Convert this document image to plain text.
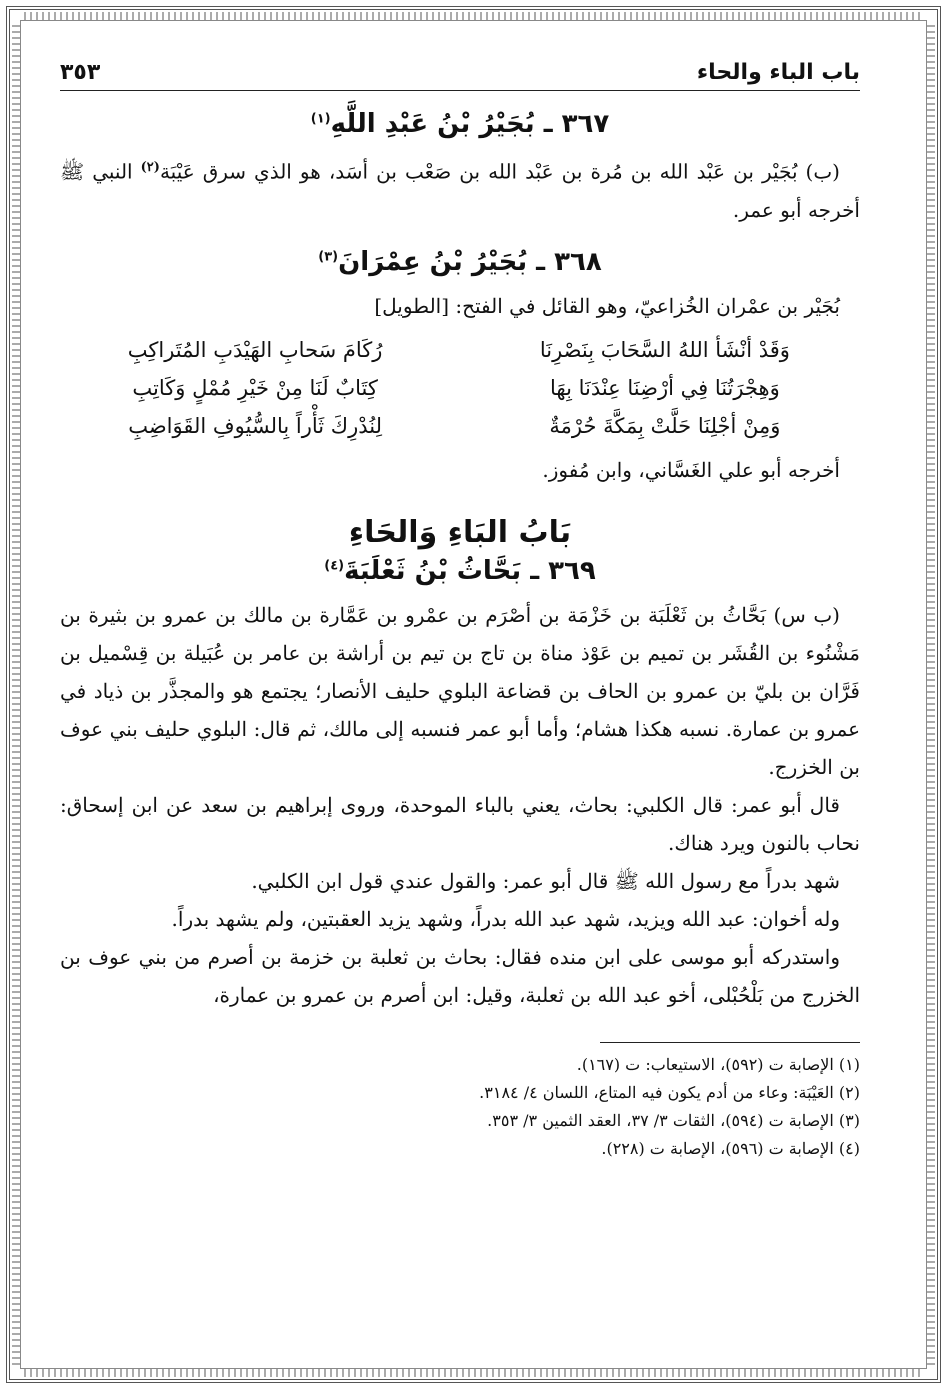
باب الباء والحاء
٣٥٣
٣٦٧ ـ بُجَيْرُ بْنُ عَبْدِ اللَّهِ$^{(١)}$

(ب) بُجَيْر بن عَبْد الله بن مُرة بن عَبْد الله بن صَعْب بن أسَد، هو الذي سرق عَيْبَة$^{(٢)}$ النبي ﷺ أخرجه أبو عمر.

٣٦٨ ـ بُجَيْرُ بْنُ عِمْرَانَ$^{(٣)}$

بُجَيْر بن عمْران الخُزاعيّ، وهو القائل في الفتح: [الطويل]

وَقَدْ أنْشَأ اللهُ السَّحَابَ بِنَصْرِنَا
رُكَامَ سَحابِ الهَيْدَبِ المُتَراكِبِ
وَهِجْرَتُنَا فِي أرْضِنَا عِنْدَنَا بِهَا
كِتَابٌ لَنَا مِنْ خَيْرِ مُمْلٍ وَكَاتِبِ
وَمِنْ أجْلِنَا حَلَّتْ بِمَكَّةَ حُرْمَةٌ
لِنُدْرِكَ ثَأْراً بِالسُّيُوفِ القَوَاضِبِ

أخرجه أبو علي الغَسَّاني، وابن مُفوز.

بَابُ البَاءِ وَالحَاءِ
٣٦٩ ـ بَحَّاثُ بْنُ ثَعْلَبَةَ$^{(٤)}$

(ب س) بَحَّاثُ بن ثَعْلَبَة بن خَزْمَة بن أصْرَم بن عمْرو بن عَمَّارة بن مالك بن عمرو بن بثيرة بن مَشْنُوء بن القُشَر بن تميم بن عَوْذ مناة بن تاج بن تيم بن أراشة بن عامر بن عُبَيلة بن قِسْميل بن فَرَّان بن بليّ بن عمرو بن الحاف بن قضاعة البلوي حليف الأنصار؛ يجتمع هو والمجذَّر بن ذياد في عمرو بن عمارة. نسبه هكذا هشام؛ وأما أبو عمر فنسبه إلى مالك، ثم قال: البلوي حليف بني عوف بن الخزرج.

قال أبو عمر: قال الكلبي: بحاث، يعني بالباء الموحدة، وروى إبراهيم بن سعد عن ابن إسحاق: نحاب بالنون ويرد هناك.

شهد بدراً مع رسول الله ﷺ قال أبو عمر: والقول عندي قول ابن الكلبي.

وله أخوان: عبد الله ويزيد، شهد عبد الله بدراً، وشهد يزيد العقبتين، ولم يشهد بدراً.

واستدركه أبو موسى على ابن منده فقال: بحاث بن ثعلبة بن خزمة بن أصرم من بني عوف بن الخزرج من بَلْحُبْلى، أخو عبد الله بن ثعلبة، وقيل: ابن أصرم بن عمرو بن عمارة،

(١) الإصابة ت (٥٩٢)، الاستيعاب: ت (١٦٧).

(٢) العَيْبَة: وعاء من أدم يكون فيه المتاع، اللسان ٤/ ٣١٨٤.

(٣) الإصابة ت (٥٩٤)، الثقات ٣/ ٣٧، العقد الثمين ٣/ ٣٥٣.

(٤) الإصابة ت (٥٩٦)، الإصابة ت (٢٢٨).
